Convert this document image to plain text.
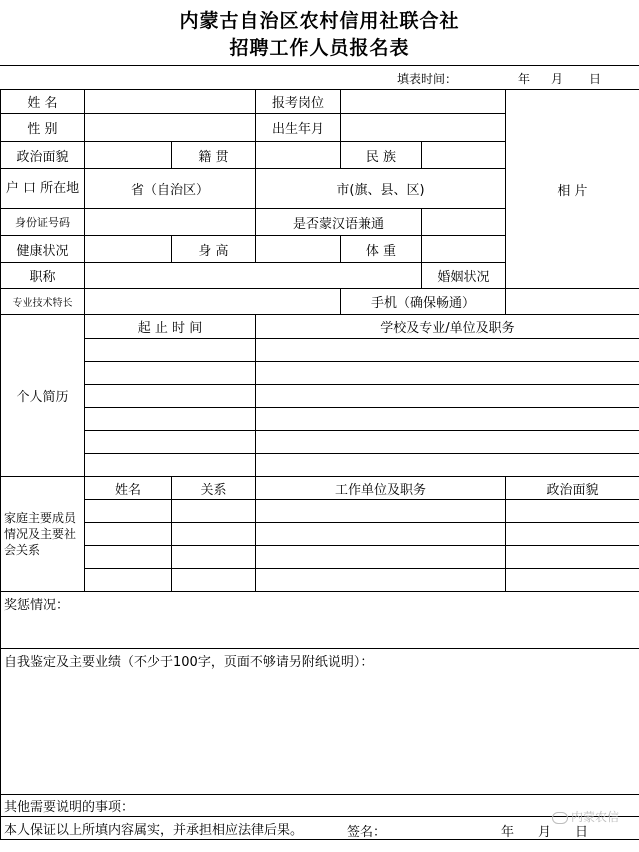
内蒙古自治区农村信用社联合社
招聘工作人员报名表
填表时间：	年 月 日
姓 名			报考岗位			相 片
性 别			出生年月			
政治面貌		籍 贯		民 族		
户 口 所在地	省（自治区）		市(旗、县、区)			
身份证号码			是否蒙汉语兼通			
健康状况		身 高		体 重		
职称					婚姻状况	
专业技术特长				手机（确保畅通）		
个人简历	起 止 时 间		学校及专业/单位及职务			

家庭主要成员情况及主要社会关系	姓名	关系	工作单位及职务			政治面貌

奖惩情况：						
自我鉴定及主要业绩（不少于100字，页面不够请另附纸说明）：						
其他需要说明的事项：						
本人保证以上所填内容属实，并承担相应法律后果。 签名： 年 月 日						
内蒙农信
